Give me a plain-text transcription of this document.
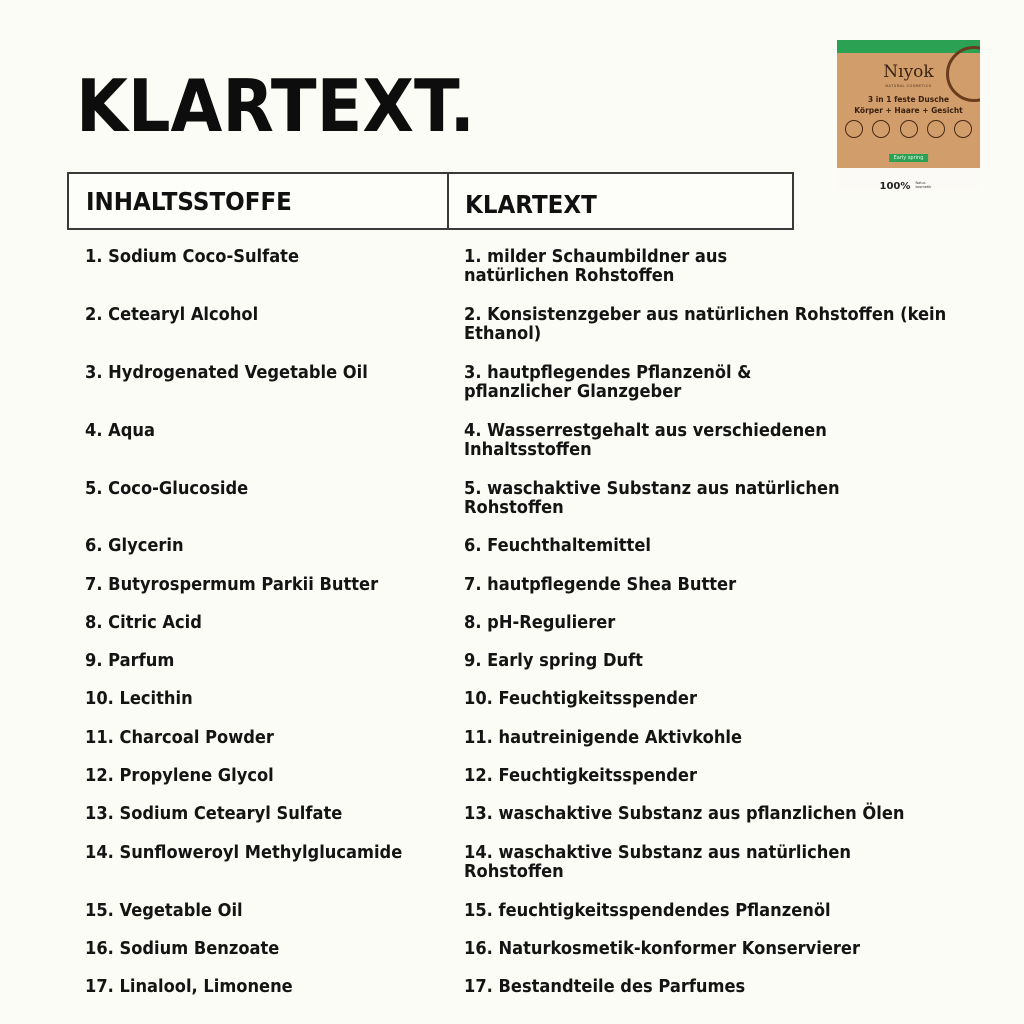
KLARTEXT.
INHALTSSTOFFE	KLARTEXT
1. Sodium Coco-Sulfate	1. milder Schaumbildner aus
natürlichen Rohstoffen
2. Cetearyl Alcohol	2. Konsistenzgeber aus natürlichen Rohstoffen (kein
Ethanol)
3. Hydrogenated Vegetable Oil	3. hautpflegendes Pflanzenöl &
pflanzlicher Glanzgeber
4. Aqua	4. Wasserrestgehalt aus verschiedenen
Inhaltsstoffen
5. Coco-Glucoside	5. waschaktive Substanz aus natürlichen
Rohstoffen
6. Glycerin	6. Feuchthaltemittel
7. Butyrospermum Parkii Butter	7. hautpflegende Shea Butter
8. Citric Acid	8. pH-Regulierer
9. Parfum	9. Early spring Duft
10. Lecithin	10. Feuchtigkeitsspender
11. Charcoal Powder	11. hautreinigende Aktivkohle
12. Propylene Glycol	12. Feuchtigkeitsspender
13. Sodium Cetearyl Sulfate	13. waschaktive Substanz aus pflanzlichen Ölen
14. Sunfloweroyl Methylglucamide	14. waschaktive Substanz aus natürlichen
Rohstoffen
15. Vegetable Oil	15. feuchtigkeitsspendendes Pflanzenöl
16. Sodium Benzoate	16. Naturkosmetik-konformer Konservierer
17. Linalool, Limonene	17. Bestandteile des Parfumes
Nıyok
NATURAL COSMETICS
3 in 1 feste Dusche
Körper + Haare + Gesicht
Early spring
100% Natur-kosmetik
